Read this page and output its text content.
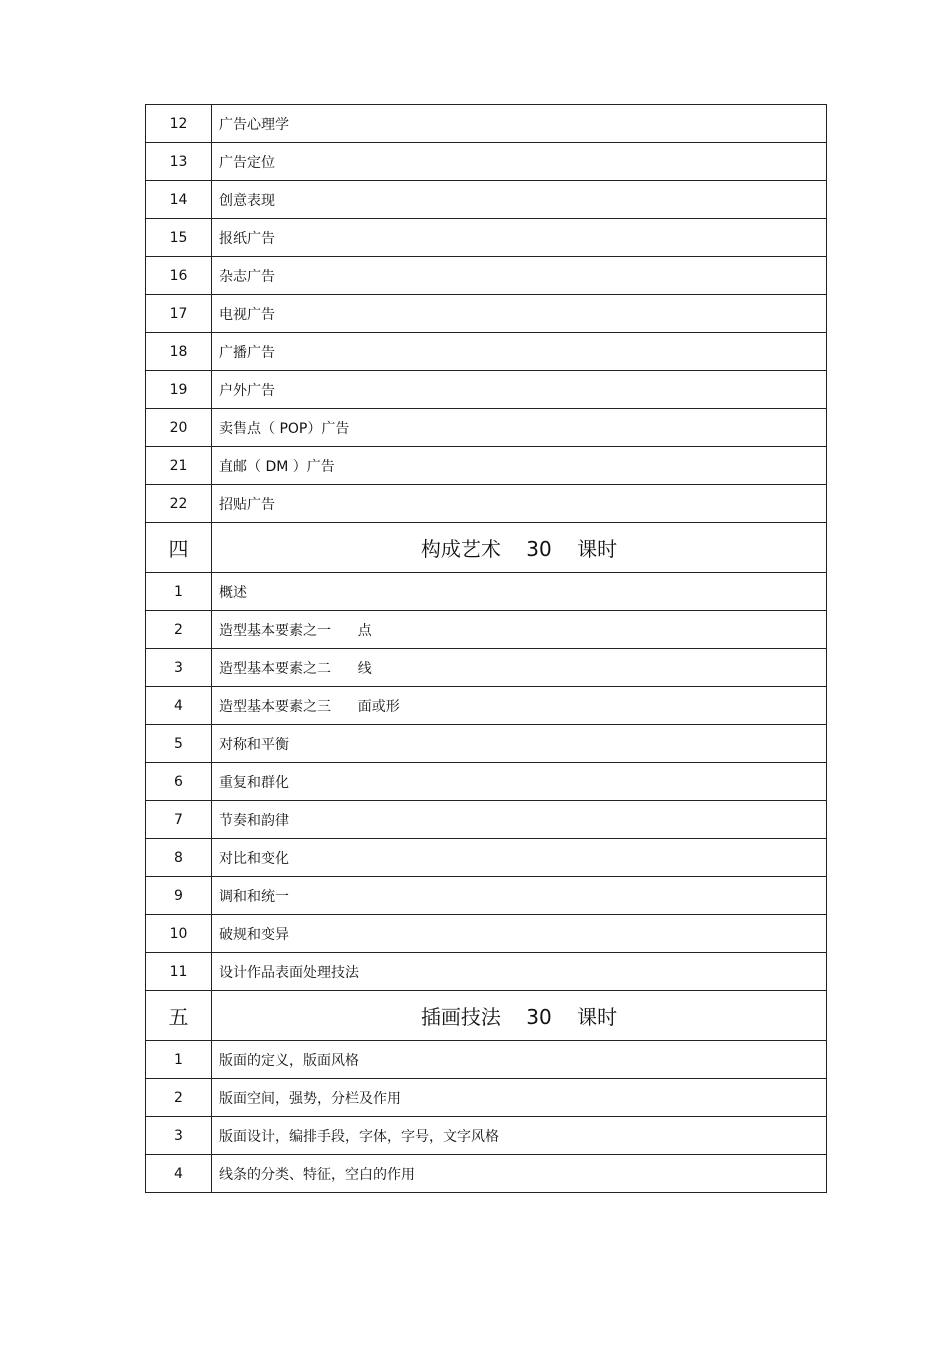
12	广告心理学
13	广告定位
14	创意表现
15	报纸广告
16	杂志广告
17	电视广告
18	广播广告
19	户外广告
20	卖售点（ POP）广告
21	直邮（ DM ）广告
22	招贴广告
四	构成艺术    30    课时
1	概述
2	造型基本要素之一      点
3	造型基本要素之二      线
4	造型基本要素之三      面或形
5	对称和平衡
6	重复和群化
7	节奏和韵律
8	对比和变化
9	调和和统一
10	破规和变异
11	设计作品表面处理技法
五	插画技法    30    课时
1	版面的定义，版面风格
2	版面空间，强势，分栏及作用
3	版面设计，编排手段，字体，字号，文字风格
4	线条的分类、特征，空白的作用
